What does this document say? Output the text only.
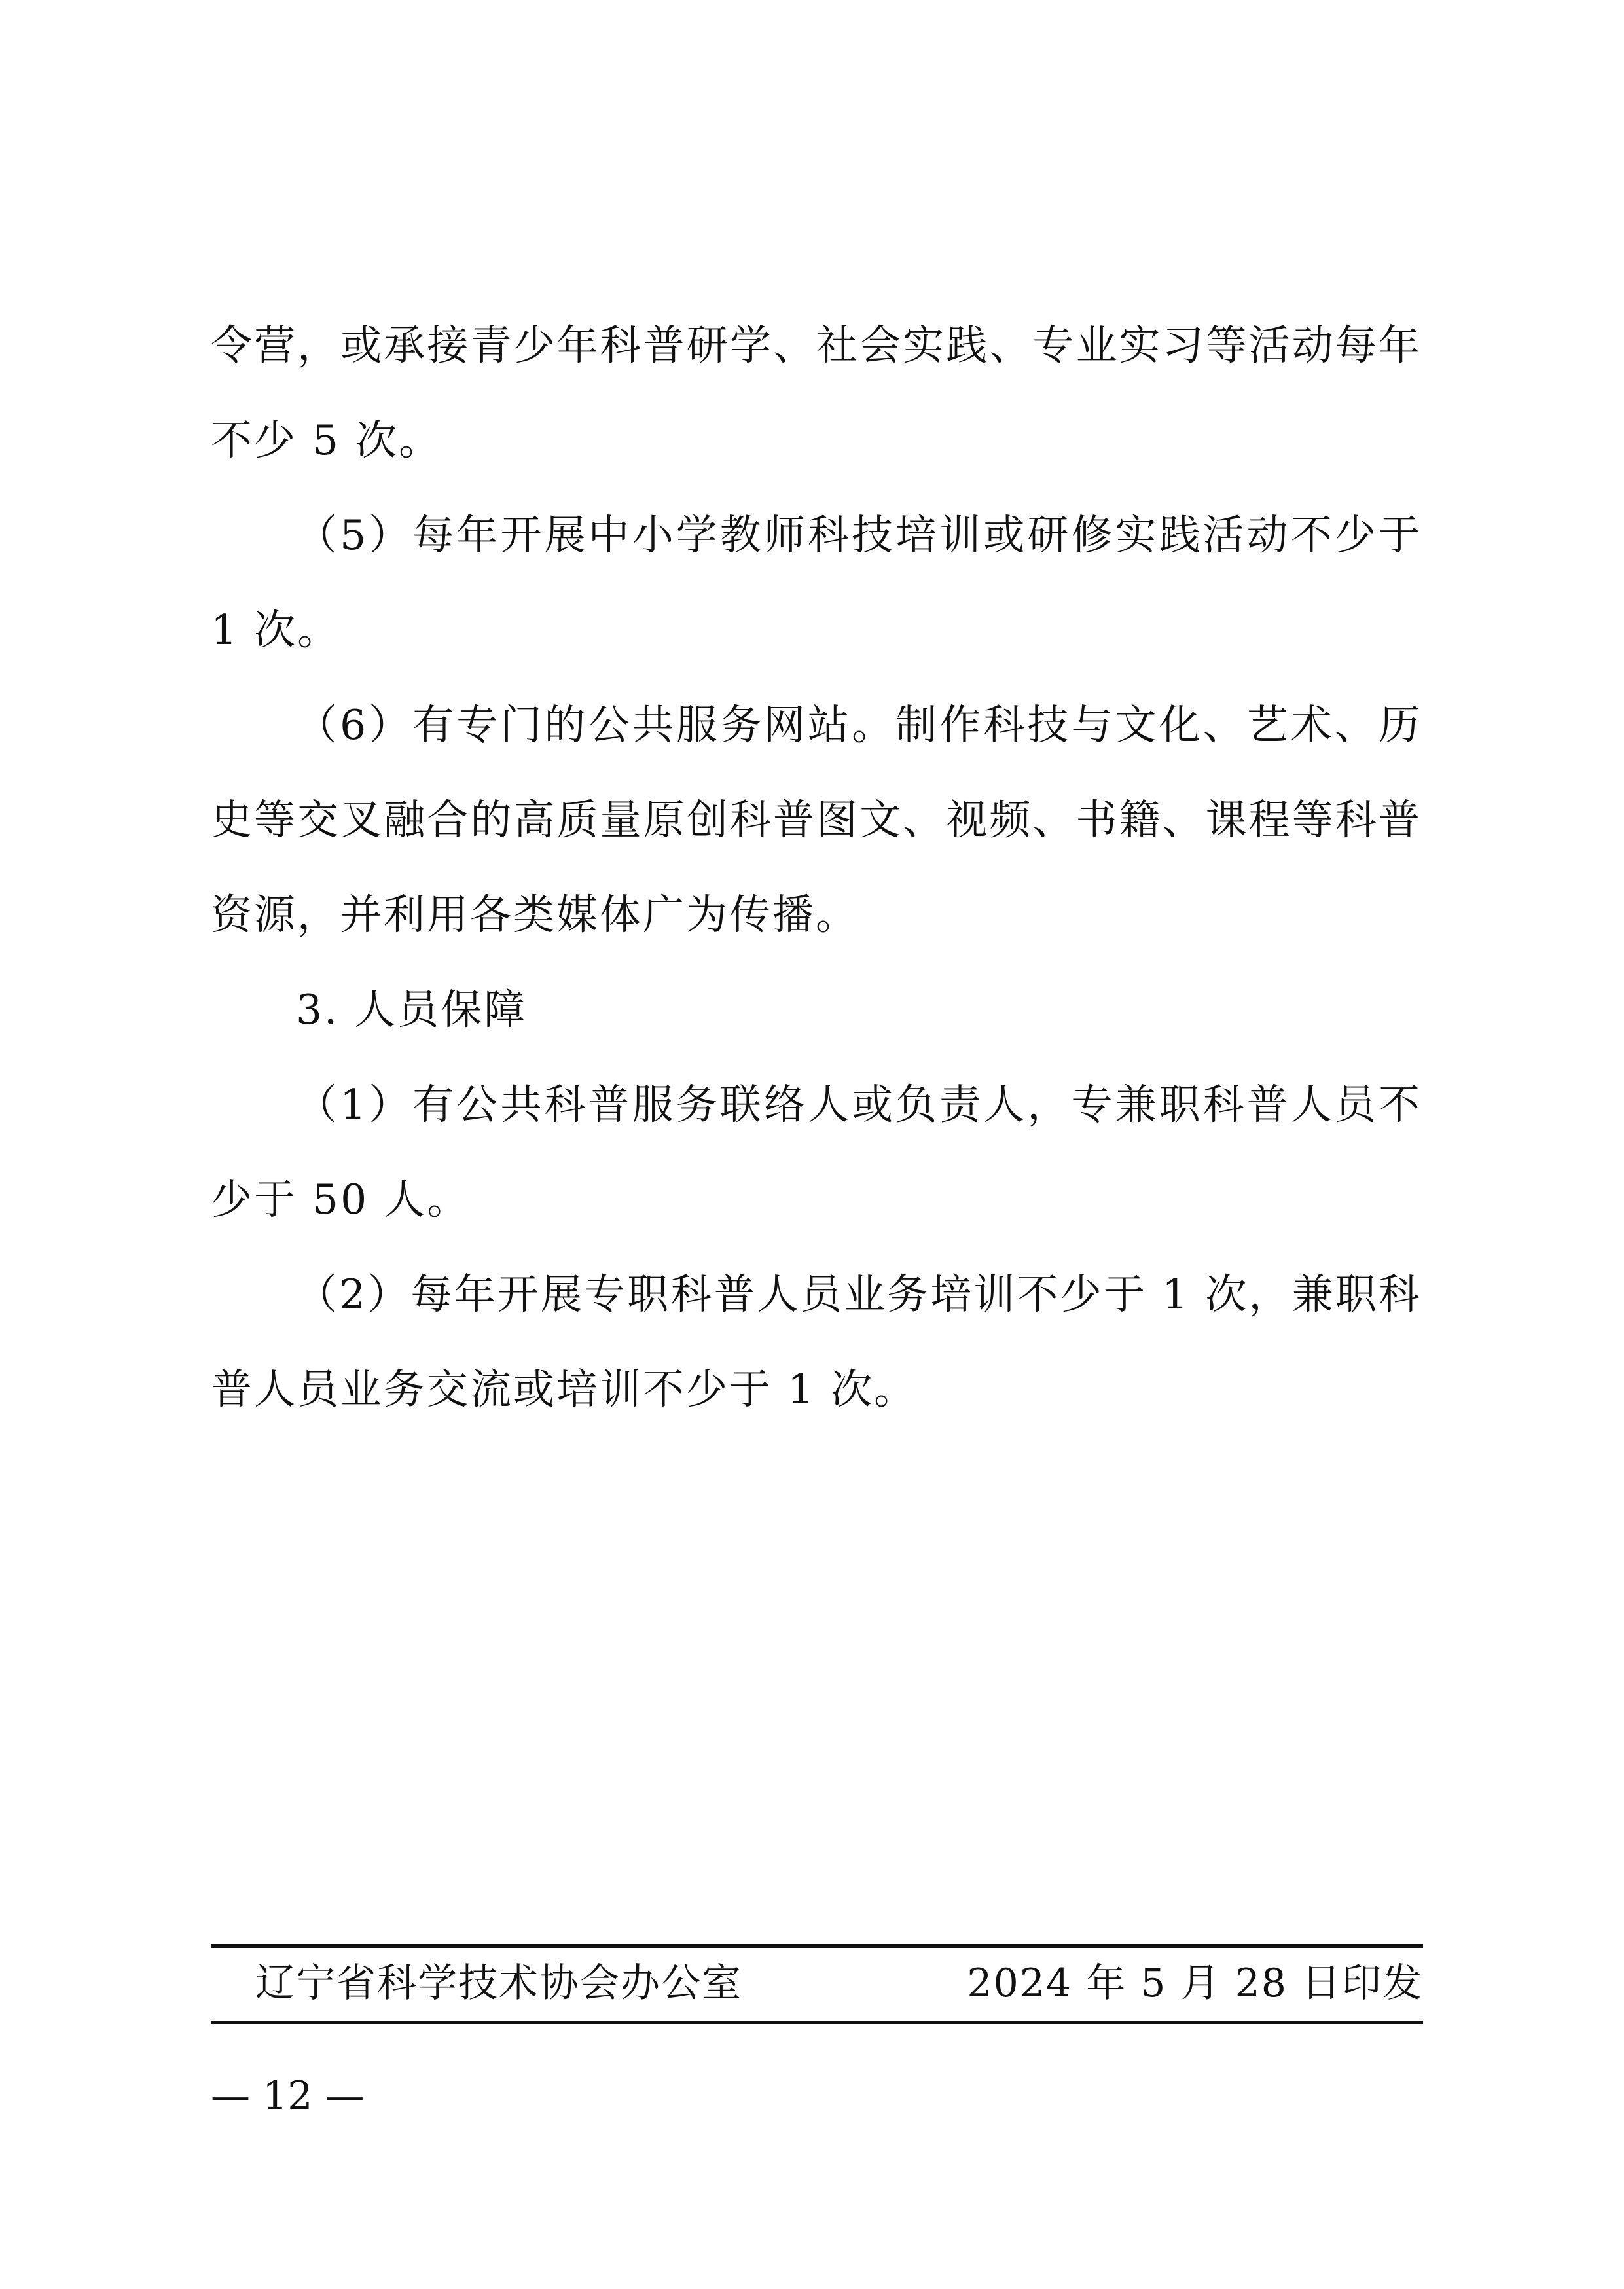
令营，或承接青少年科普研学、社会实践、专业实习等活动每年不少 5 次。

（5）每年开展中小学教师科技培训或研修实践活动不少于 1 次。

（6）有专门的公共服务网站。制作科技与文化、艺术、历史等交叉融合的高质量原创科普图文、视频、书籍、课程等科普资源，并利用各类媒体广为传播。

3. 人员保障

（1）有公共科普服务联络人或负责人，专兼职科普人员不少于 50 人。

（2）每年开展专职科普人员业务培训不少于 1 次，兼职科普人员业务交流或培训不少于 1 次。

辽宁省科学技术协会办公室	2024 年 5 月 28 日印发
— 12 —
